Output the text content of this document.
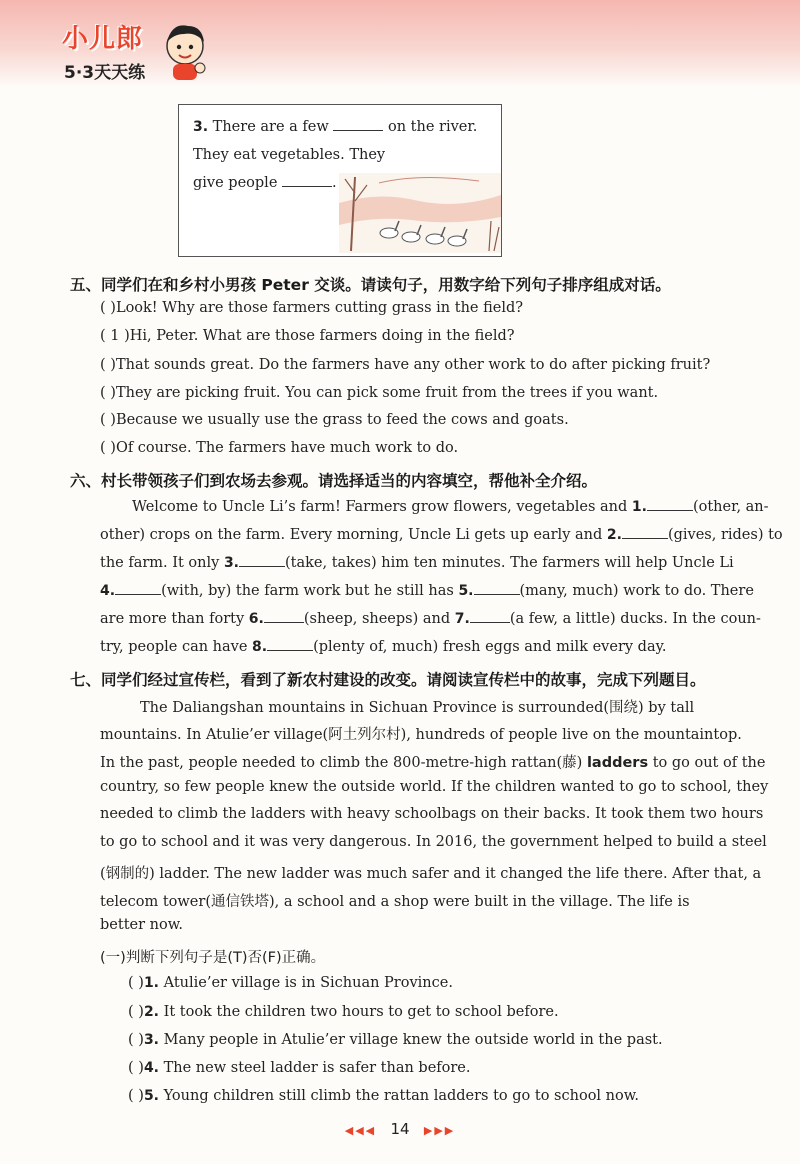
小儿郎
5·3天天练
3. There are a few	on the river. They eat vegetables. They
give people	.
五、同学们在和乡村小男孩 Peter 交谈。请读句子，用数字给下列句子排序组成对话。
( )Look! Why are those farmers cutting grass in the field?
( 1 )Hi, Peter. What are those farmers doing in the field?
( )That sounds great. Do the farmers have any other work to do after picking fruit?
( )They are picking fruit. You can pick some fruit from the trees if you want.
( )Because we usually use the grass to feed the cows and goats.
( )Of course. The farmers have much work to do.
六、村长带领孩子们到农场去参观。请选择适当的内容填空，帮他补全介绍。
Welcome to Uncle Li’s farm! Farmers grow flowers, vegetables and 1.	(other, an-
other) crops on the farm. Every morning, Uncle Li gets up early and 2.	(gives, rides) to
the farm. It only 3.	(take, takes) him ten minutes. The farmers will help Uncle Li
4.	(with, by) the farm work but he still has 5.	(many, much) work to do. There
are more than forty 6.	(sheep, sheeps) and 7.	(a few, a little) ducks. In the coun-
try, people can have 8.	(plenty of, much) fresh eggs and milk every day.
七、同学们经过宣传栏，看到了新农村建设的改变。请阅读宣传栏中的故事，完成下列题目。
The Daliangshan mountains in Sichuan Province is surrounded(围绕) by tall
mountains. In Atulie’er village(阿土列尔村), hundreds of people live on the mountaintop.
In the past, people needed to climb the 800-metre-high rattan(藤) ladders to go out of the
country, so few people knew the outside world. If the children wanted to go to school, they
needed to climb the ladders with heavy schoolbags on their backs. It took them two hours
to go to school and it was very dangerous. In 2016, the government helped to build a steel
(钢制的) ladder. The new ladder was much safer and it changed the life there. After that, a
telecom tower(通信铁塔), a school and a shop were built in the village. The life is
better now.
(一)判断下列句子是(T)否(F)正确。
( )1. Atulie’er village is in Sichuan Province.
( )2. It took the children two hours to get to school before.
( )3. Many people in Atulie’er village knew the outside world in the past.
( )4. The new steel ladder is safer than before.
( )5. Young children still climb the rattan ladders to go to school now.
◀◀◀ 14 ▶▶▶
